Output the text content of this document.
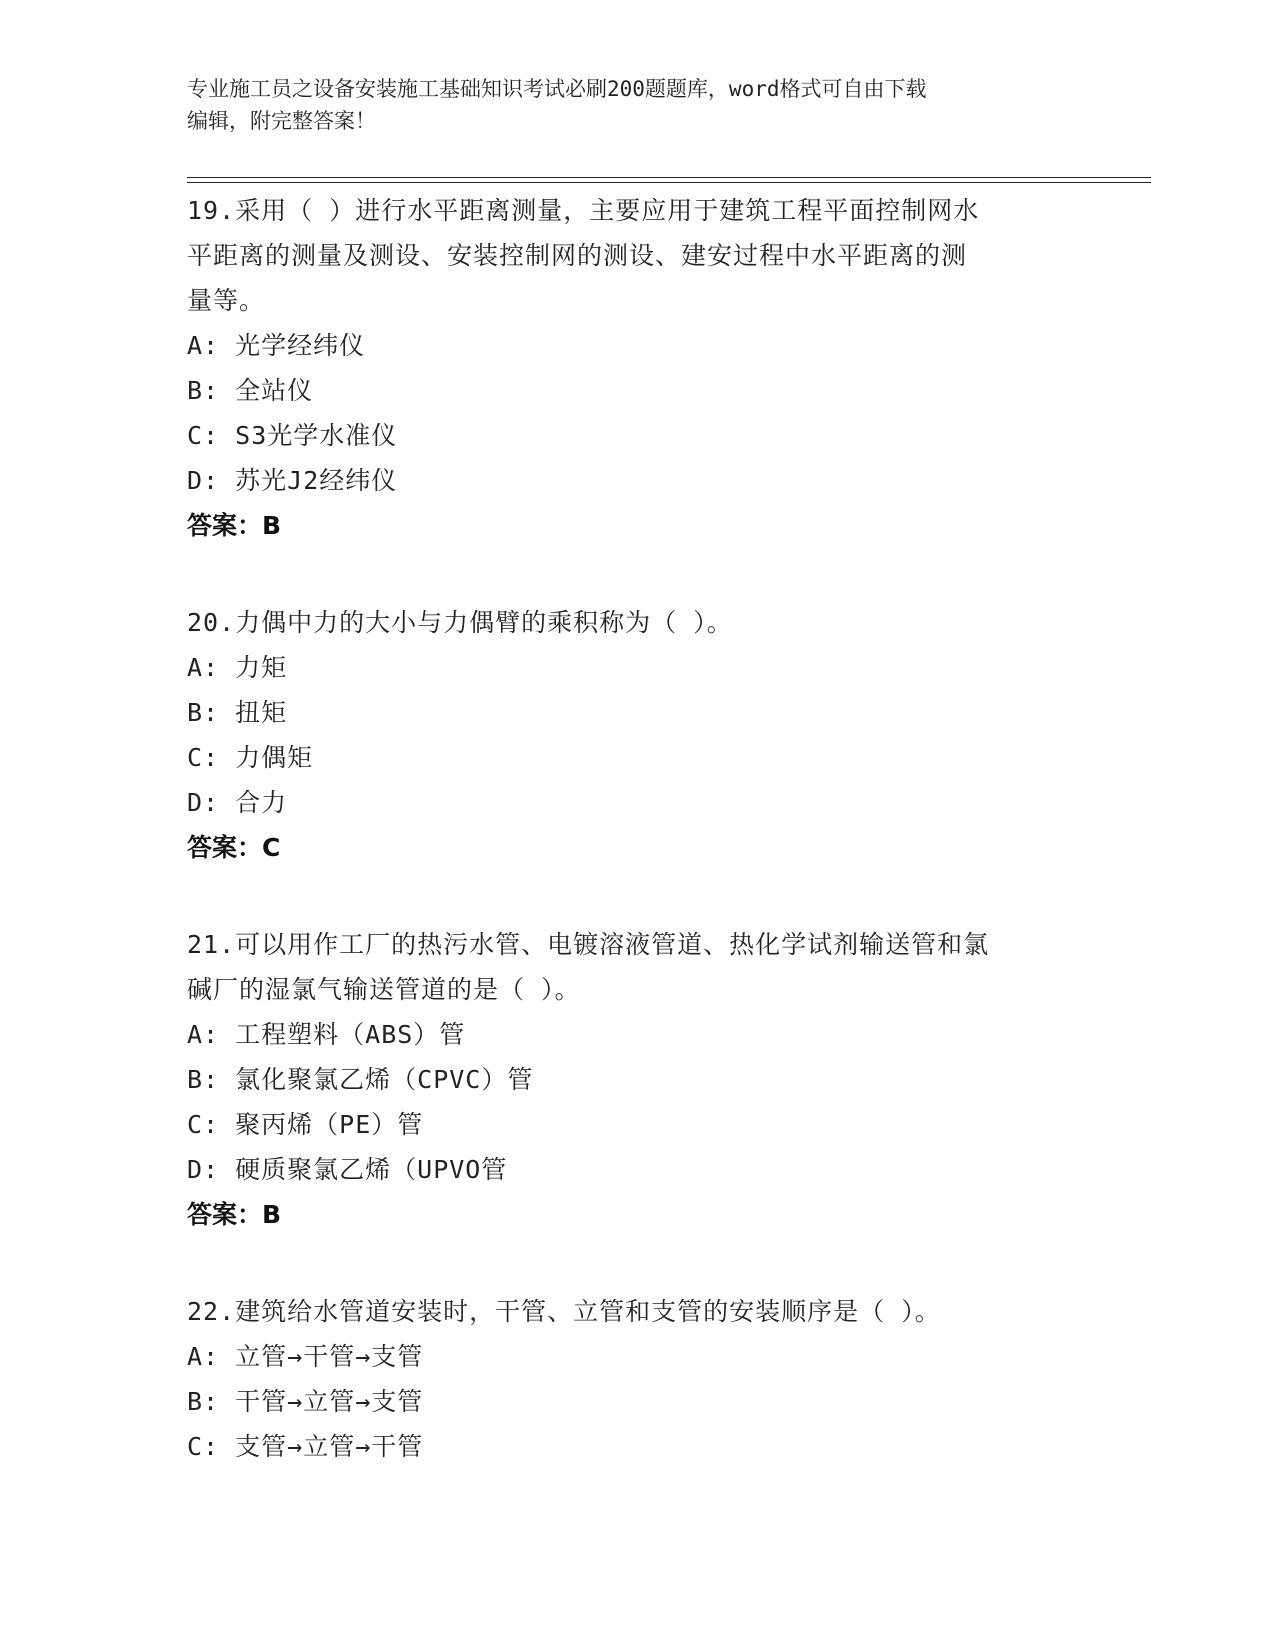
专业施工员之设备安装施工基础知识考试必刷200题题库，word格式可自由下载
编辑，附完整答案！
19.采用（ ）进行水平距离测量，主要应用于建筑工程平面控制网水
平距离的测量及测设、安装控制网的测设、建安过程中水平距离的测
量等。
A: 光学经纬仪
B: 全站仪
C: S3光学水准仪
D: 苏光J2经纬仪
答案：B
20.力偶中力的大小与力偶臂的乘积称为（ ）。
A: 力矩
B: 扭矩
C: 力偶矩
D: 合力
答案：C
21.可以用作工厂的热污水管、电镀溶液管道、热化学试剂输送管和氯
碱厂的湿氯气输送管道的是（ ）。
A: 工程塑料（ABS）管
B: 氯化聚氯乙烯（CPVC）管
C: 聚丙烯（PE）管
D: 硬质聚氯乙烯（UPVO管
答案：B
22.建筑给水管道安装时，干管、立管和支管的安装顺序是（ ）。
A: 立管→干管→支管
B: 干管→立管→支管
C: 支管→立管→干管
